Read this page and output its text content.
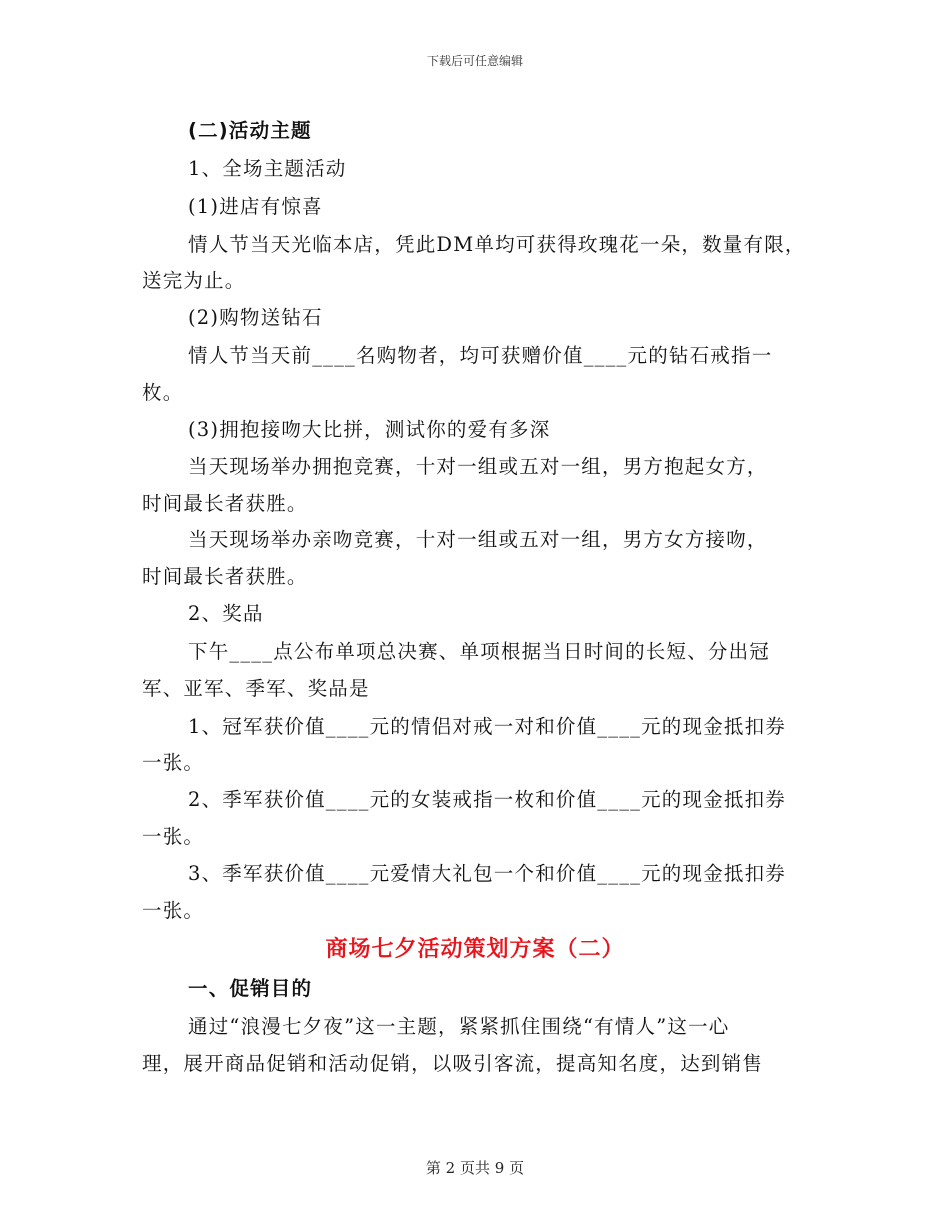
下载后可任意编辑
(二)活动主题
1、全场主题活动
(1)进店有惊喜
情人节当天光临本店，凭此DM单均可获得玫瑰花一朵，数量有限，
送完为止。
(2)购物送钻石
情人节当天前____名购物者，均可获赠价值____元的钻石戒指一
枚。
(3)拥抱接吻大比拼，测试你的爱有多深
当天现场举办拥抱竞赛，十对一组或五对一组，男方抱起女方，
时间最长者获胜。
当天现场举办亲吻竞赛，十对一组或五对一组，男方女方接吻，
时间最长者获胜。
2、奖品
下午____点公布单项总决赛、单项根据当日时间的长短、分出冠
军、亚军、季军、奖品是
1、冠军获价值____元的情侣对戒一对和价值____元的现金抵扣券
一张。
2、季军获价值____元的女装戒指一枚和价值____元的现金抵扣券
一张。
3、季军获价值____元爱情大礼包一个和价值____元的现金抵扣券
一张。
商场七夕活动策划方案（二）
一、促销目的
通过“浪漫七夕夜”这一主题，紧紧抓住围绕“有情人”这一心
理，展开商品促销和活动促销，以吸引客流，提高知名度，达到销售
第 2 页共 9 页
